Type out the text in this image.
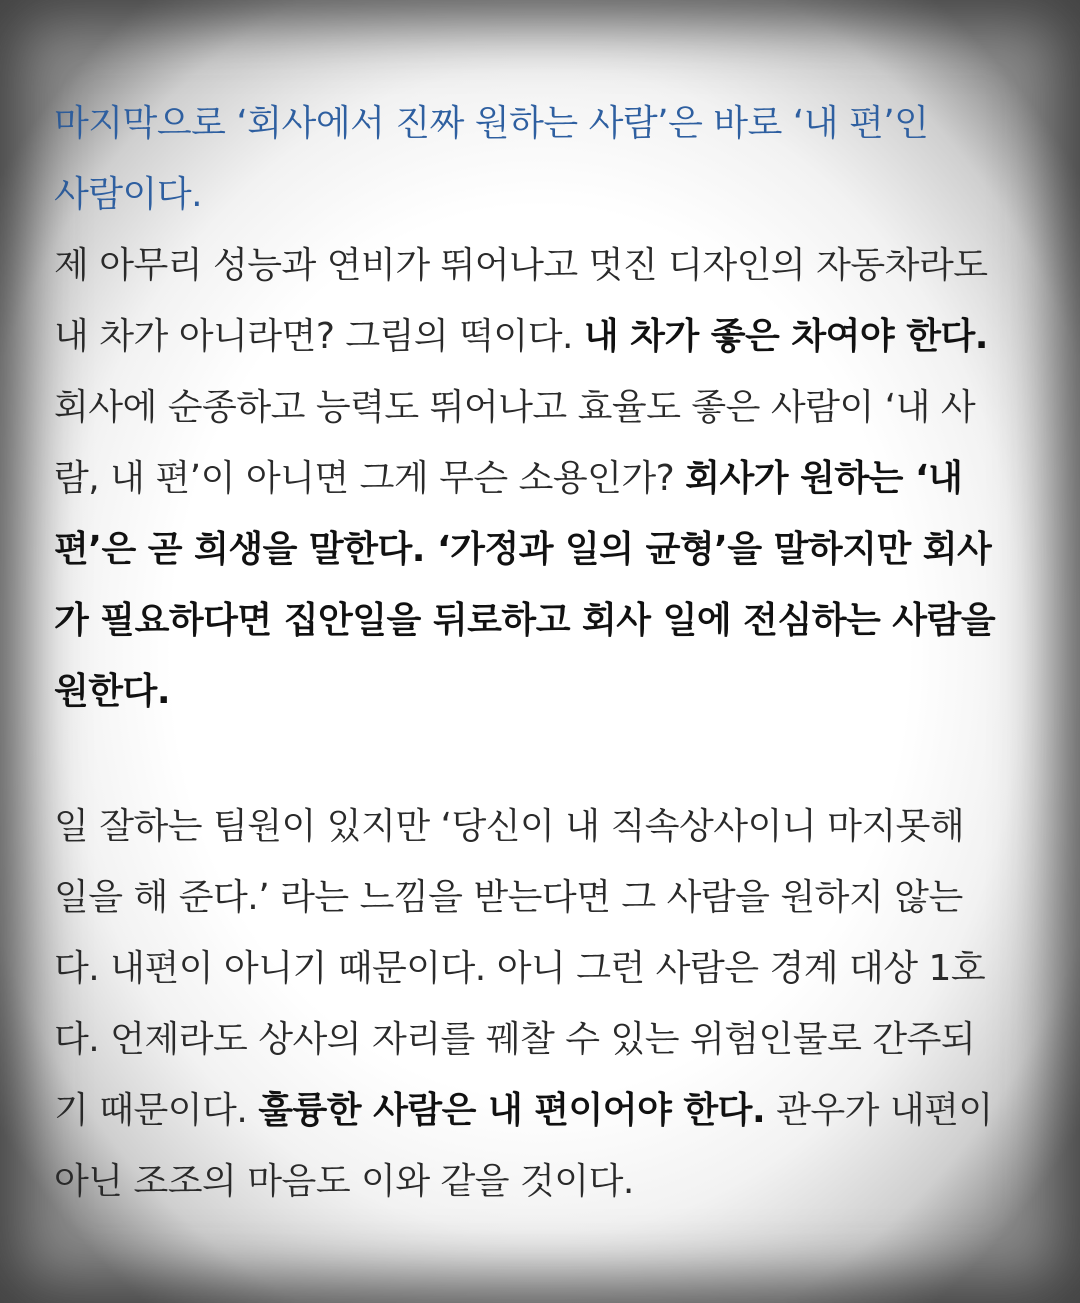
마지막으로 ‘회사에서 진짜 원하는 사람’은 바로 ‘내 편’인
사람이다.
제 아무리 성능과 연비가 뛰어나고 멋진 디자인의 자동차라도
내 차가 아니라면? 그림의 떡이다. 내 차가 좋은 차여야 한다.
회사에 순종하고 능력도 뛰어나고 효율도 좋은 사람이 ‘내 사
람, 내 편’이 아니면 그게 무슨 소용인가? 회사가 원하는 ‘내
편’은 곧 희생을 말한다. ‘가정과 일의 균형’을 말하지만 회사
가 필요하다면 집안일을 뒤로하고 회사 일에 전심하는 사람을
원한다.
일 잘하는 팀원이 있지만 ‘당신이 내 직속상사이니 마지못해
일을 해 준다.’ 라는 느낌을 받는다면 그 사람을 원하지 않는
다. 내편이 아니기 때문이다. 아니 그런 사람은 경계 대상 1호
다. 언제라도 상사의 자리를 꿰찰 수 있는 위험인물로 간주되
기 때문이다. 훌륭한 사람은 내 편이어야 한다. 관우가 내편이
아닌 조조의 마음도 이와 같을 것이다.
